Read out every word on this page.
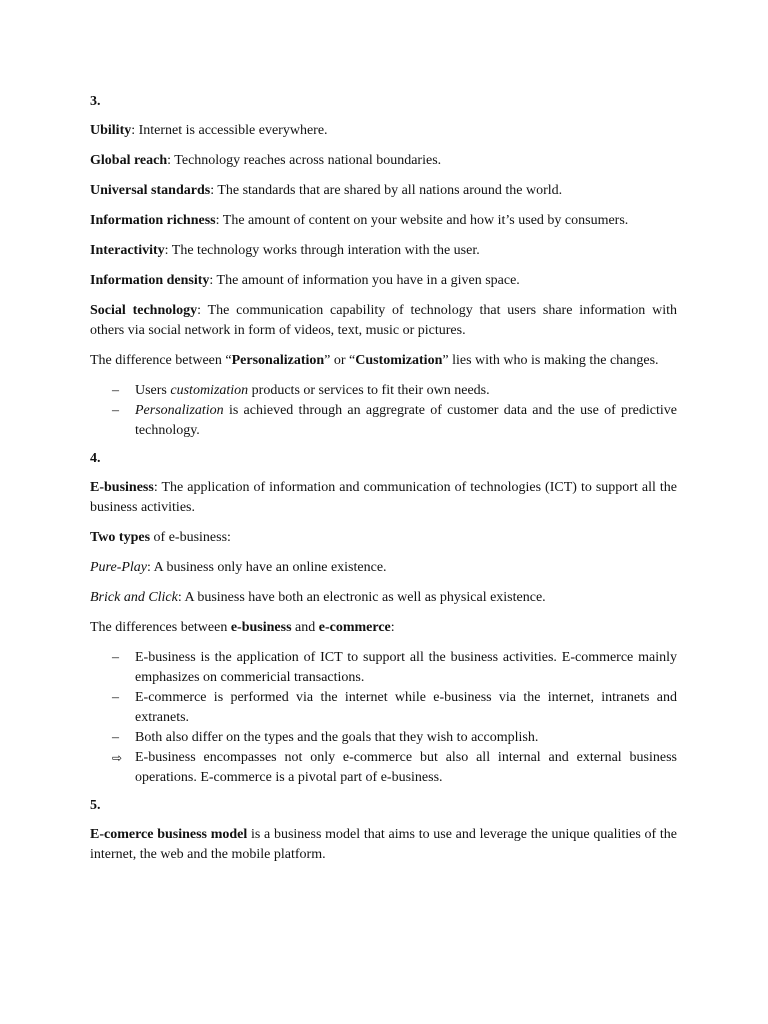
3.

Ubility: Internet is accessible everywhere.

Global reach: Technology reaches across national boundaries.

Universal standards: The standards that are shared by all nations around the world.

Information richness: The amount of content on your website and how it’s used by consumers.

Interactivity: The technology works through interation with the user.

Information density: The amount of information you have in a given space.

Social technology: The communication capability of technology that users share information with others via social network in form of videos, text, music or pictures.

The difference between “Personalization” or “Customization” lies with who is making the changes.

–	Users customization products or services to fit their own needs.
–	Personalization is achieved through an aggregrate of customer data and the use of predictive technology.
4.

E-business: The application of information and communication of technologies (ICT) to support all the business activities.

Two types of e-business:

Pure-Play: A business only have an online existence.

Brick and Click: A business have both an electronic as well as physical existence.

The differences between e-business and e-commerce:

–	E-business is the application of ICT to support all the business activities. E-commerce mainly emphasizes on commericial transactions.
–	E-commerce is performed via the internet while e-business via the internet, intranets and extranets.
–	Both also differ on the types and the goals that they wish to accomplish.
⇨ E-business encompasses not only e-commerce but also all internal and external business operations. E-commerce is a pivotal part of e-business.
5.

E-comerce business model is a business model that aims to use and leverage the unique qualities of the internet, the web and the mobile platform.
